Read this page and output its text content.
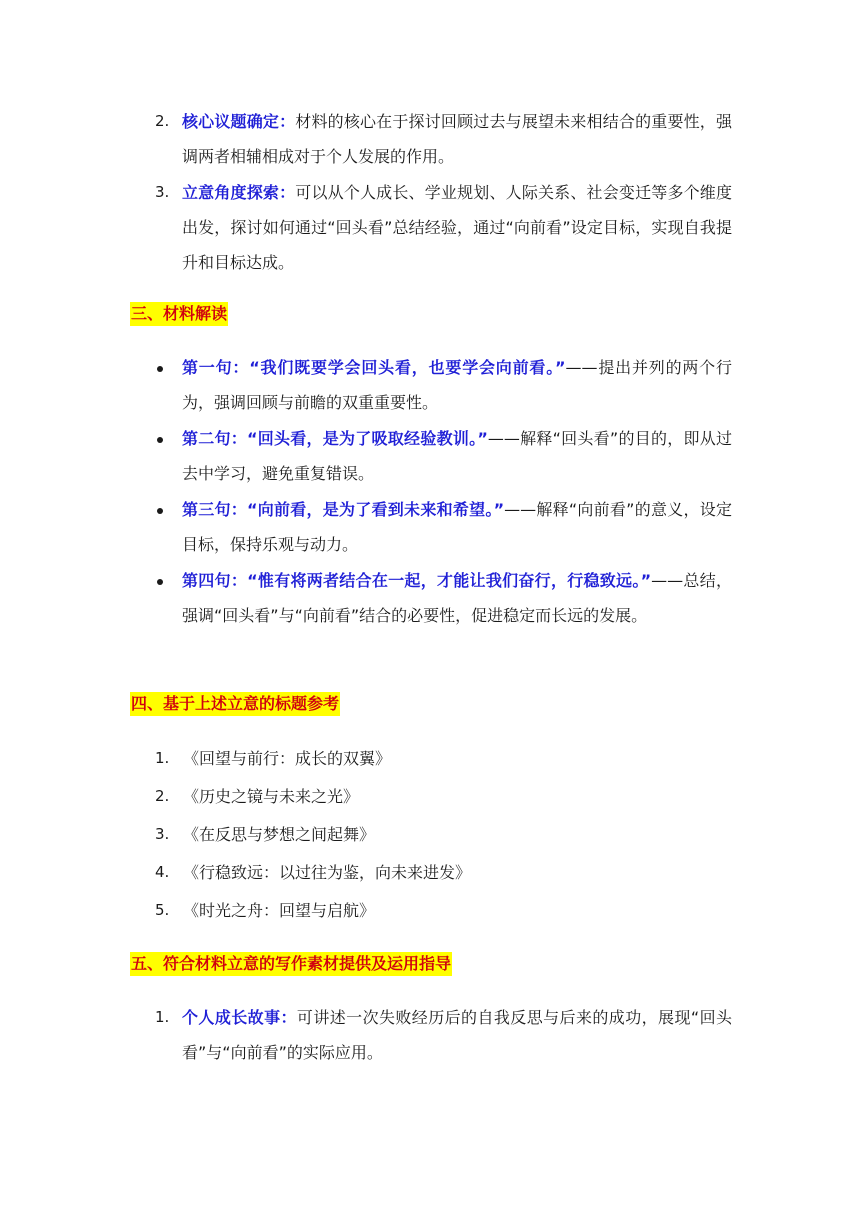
2. 核心议题确定：材料的核心在于探讨回顾过去与展望未来相结合的重要性，强调两者相辅相成对于个人发展的作用。
3. 立意角度探索：可以从个人成长、学业规划、人际关系、社会变迁等多个维度出发，探讨如何通过“回头看”总结经验，通过“向前看”设定目标，实现自我提升和目标达成。
三、材料解读
第一句：“我们既要学会回头看，也要学会向前看。”——提出并列的两个行为，强调回顾与前瞻的双重重要性。
第二句：“回头看，是为了吸取经验教训。”——解释“回头看”的目的，即从过去中学习，避免重复错误。
第三句：“向前看，是为了看到未来和希望。”——解释“向前看”的意义，设定目标，保持乐观与动力。
第四句：“惟有将两者结合在一起，才能让我们奋行，行稳致远。”——总结，强调“回头看”与“向前看”结合的必要性，促进稳定而长远的发展。
四、基于上述立意的标题参考
1. 《回望与前行：成长的双翼》
2. 《历史之镜与未来之光》
3. 《在反思与梦想之间起舞》
4. 《行稳致远：以过往为鉴，向未来进发》
5. 《时光之舟：回望与启航》
五、符合材料立意的写作素材提供及运用指导
1. 个人成长故事：可讲述一次失败经历后的自我反思与后来的成功，展现“回头看”与“向前看”的实际应用。
